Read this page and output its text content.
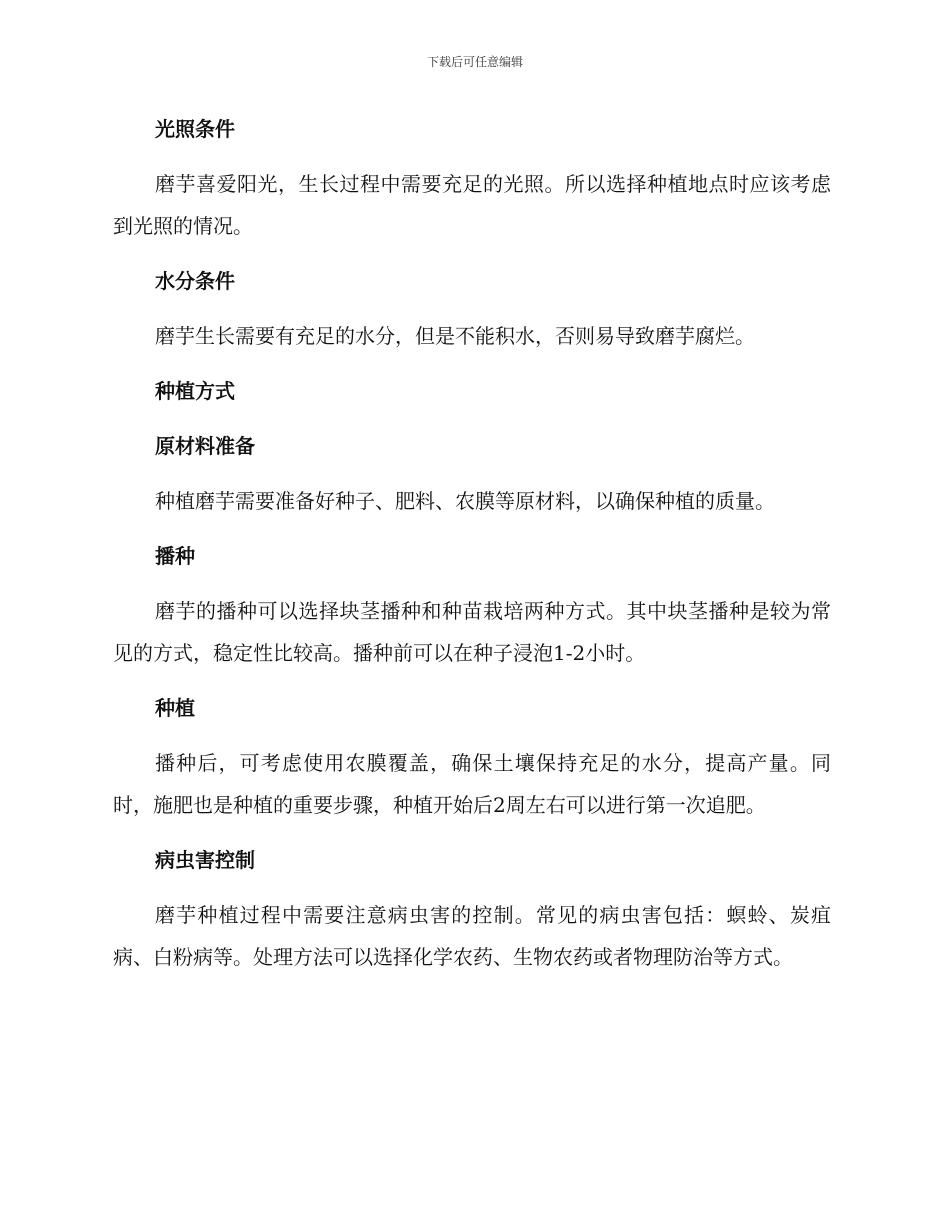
下载后可任意编辑

光照条件

磨芋喜爱阳光，生长过程中需要充足的光照。所以选择种植地点时应该考虑到光照的情况。

水分条件

磨芋生长需要有充足的水分，但是不能积水，否则易导致磨芋腐烂。

种植方式

原材料准备

种植磨芋需要准备好种子、肥料、农膜等原材料，以确保种植的质量。

播种

磨芋的播种可以选择块茎播种和种苗栽培两种方式。其中块茎播种是较为常见的方式，稳定性比较高。播种前可以在种子浸泡1-2小时。

种植

播种后，可考虑使用农膜覆盖，确保土壤保持充足的水分，提高产量。同时，施肥也是种植的重要步骤，种植开始后2周左右可以进行第一次追肥。

病虫害控制

磨芋种植过程中需要注意病虫害的控制。常见的病虫害包括：螟蛉、炭疽病、白粉病等。处理方法可以选择化学农药、生物农药或者物理防治等方式。
